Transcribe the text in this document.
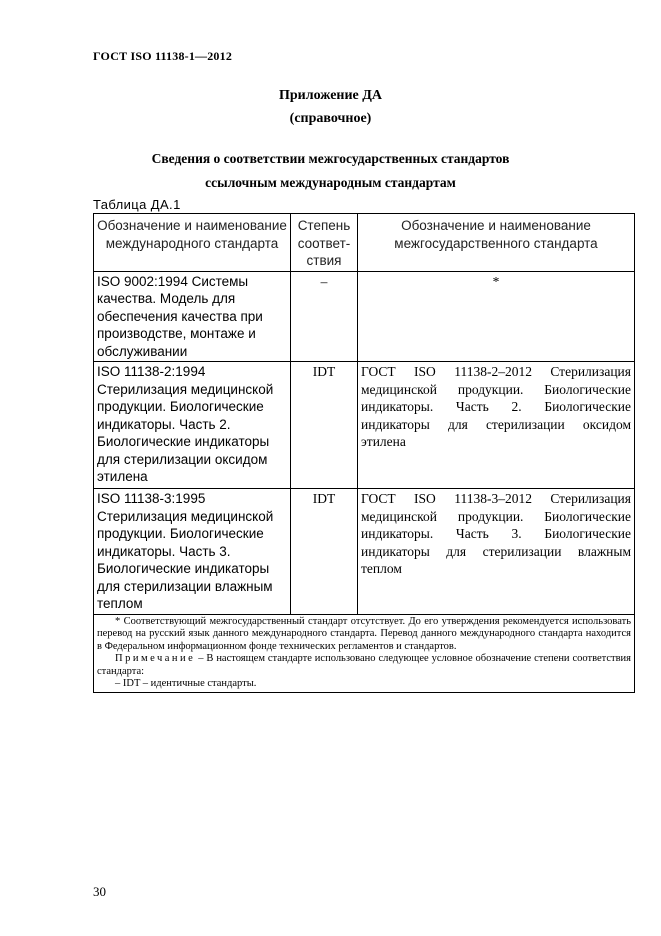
ГОСТ ISO 11138-1—2012
Приложение ДА
(справочное)
Сведения о соответствии межгосударственных стандартов
ссылочным международным стандартам
Таблица ДА.1
Обозначение и наименование международного стандарта	Степень соответ-ствия	Обозначение и наименование межгосударственного стандарта
ISO 9002:1994 Системы качества. Модель для обеспечения качества при производстве, монтаже и обслуживании	–	*
ISO 11138-2:1994 Стерилизация медицинской продукции. Биологические индикаторы. Часть 2. Биологические индикаторы для стерилизации оксидом этилена	IDT	ГОСТ ISO 11138-2–2012 Стерилизация медицинской продукции. Биологические индикаторы. Часть 2. Биологические индикаторы для стерилизации оксидом этилена
ISO 11138-3:1995 Стерилизация медицинской продукции. Биологические индикаторы. Часть 3. Биологические индикаторы для стерилизации влажным теплом	IDT	ГОСТ ISO 11138-3–2012 Стерилизация медицинской продукции. Биологические индикаторы. Часть 3. Биологические индикаторы для стерилизации влажным теплом

* Соответствующий межгосударственный стандарт отсутствует. До его утверждения рекомендуется использовать перевод на русский язык данного международного стандарта. Перевод данного международного стандарта находится в Федеральном информационном фонде технических регламентов и стандартов.

Примечание – В настоящем стандарте использовано следующее условное обозначение степени соответствия стандарта:

– IDT – идентичные стандарты.		

30
